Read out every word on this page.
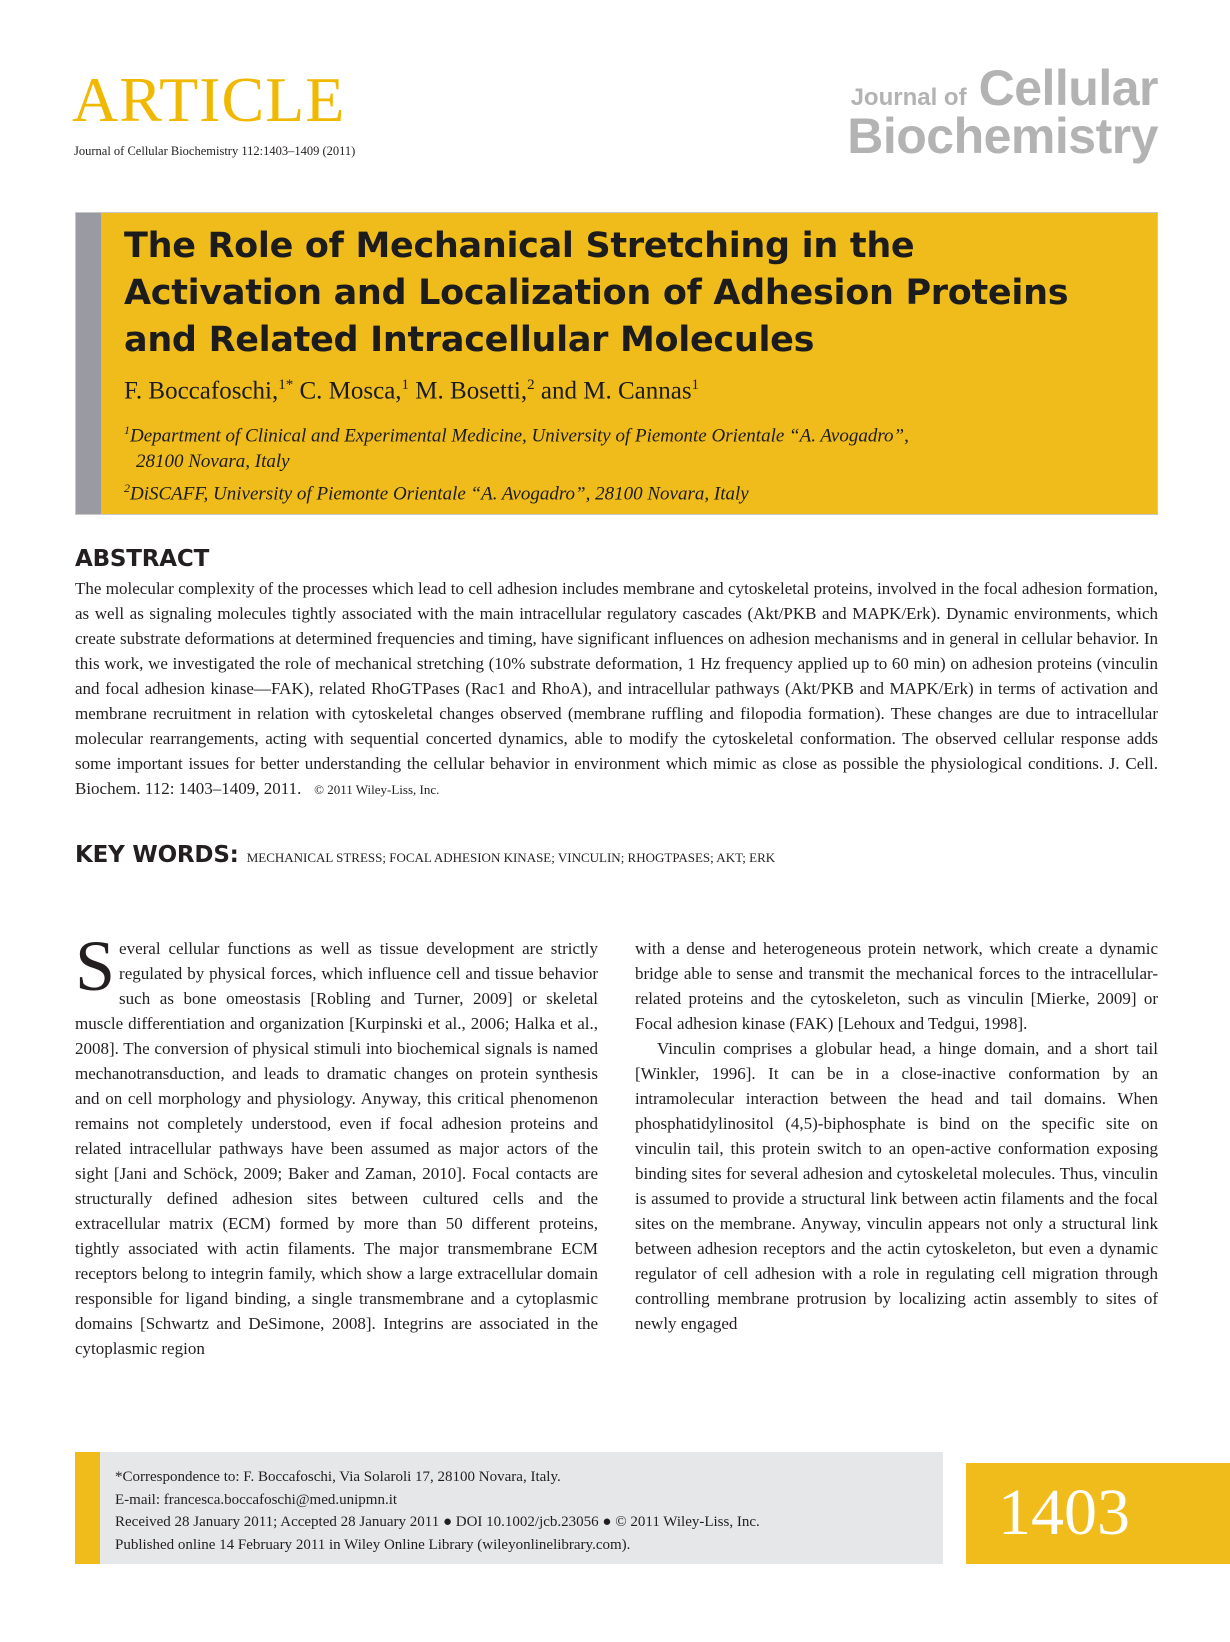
ARTICLE
Journal of Cellular Biochemistry 112:1403–1409 (2011)
Journal of Cellular
Biochemistry
The Role of Mechanical Stretching in the Activation and Localization of Adhesion Proteins and Related Intracellular Molecules
F. Boccafoschi,$^{1*}$ C. Mosca,$^1$ M. Bosetti,$^2$ and M. Cannas$^1$
$^1$Department of Clinical and Experimental Medicine, University of Piemonte Orientale “A. Avogadro”,
28100 Novara, Italy
$^2$DiSCAFF, University of Piemonte Orientale “A. Avogadro”, 28100 Novara, Italy
ABSTRACT

The molecular complexity of the processes which lead to cell adhesion includes membrane and cytoskeletal proteins, involved in the focal adhesion formation, as well as signaling molecules tightly associated with the main intracellular regulatory cascades (Akt/PKB and MAPK/Erk). Dynamic environments, which create substrate deformations at determined frequencies and timing, have significant influences on adhesion mechanisms and in general in cellular behavior. In this work, we investigated the role of mechanical stretching (10% substrate deformation, 1 Hz frequency applied up to 60 min) on adhesion proteins (vinculin and focal adhesion kinase—FAK), related RhoGTPases (Rac1 and RhoA), and intracellular pathways (Akt/PKB and MAPK/Erk) in terms of activation and membrane recruitment in relation with cytoskeletal changes observed (membrane ruffling and filopodia formation). These changes are due to intracellular molecular rearrangements, acting with sequential concerted dynamics, able to modify the cytoskeletal conformation. The observed cellular response adds some important issues for better understanding the cellular behavior in environment which mimic as close as possible the physiological conditions. J. Cell. Biochem. 112: 1403–1409, 2011. © 2011 Wiley-Liss, Inc.

KEY WORDS: MECHANICAL STRESS; FOCAL ADHESION KINASE; VINCULIN; RHOGTPASES; AKT; ERK

Several cellular functions as well as tissue development are strictly regulated by physical forces, which influence cell and tissue behavior such as bone omeostasis [Robling and Turner, 2009] or skeletal muscle differentiation and organization [Kurpinski et al., 2006; Halka et al., 2008]. The conversion of physical stimuli into biochemical signals is named mechanotransduction, and leads to dramatic changes on protein synthesis and on cell morphology and physiology. Anyway, this critical phenomenon remains not completely understood, even if focal adhesion proteins and related intracellular pathways have been assumed as major actors of the sight [Jani and Schöck, 2009; Baker and Zaman, 2010]. Focal contacts are structurally defined adhesion sites between cultured cells and the extracellular matrix (ECM) formed by more than 50 different proteins, tightly associated with actin filaments. The major transmembrane ECM receptors belong to integrin family, which show a large extracellular domain responsible for ligand binding, a single transmembrane and a cytoplasmic domains [Schwartz and DeSimone, 2008]. Integrins are associated in the cytoplasmic region

with a dense and heterogeneous protein network, which create a dynamic bridge able to sense and transmit the mechanical forces to the intracellular-related proteins and the cytoskeleton, such as vinculin [Mierke, 2009] or Focal adhesion kinase (FAK) [Lehoux and Tedgui, 1998].

Vinculin comprises a globular head, a hinge domain, and a short tail [Winkler, 1996]. It can be in a close-inactive conformation by an intramolecular interaction between the head and tail domains. When phosphatidylinositol (4,5)-biphosphate is bind on the specific site on vinculin tail, this protein switch to an open-active conformation exposing binding sites for several adhesion and cytoskeletal molecules. Thus, vinculin is assumed to provide a structural link between actin filaments and the focal sites on the membrane. Anyway, vinculin appears not only a structural link between adhesion receptors and the actin cytoskeleton, but even a dynamic regulator of cell adhesion with a role in regulating cell migration through controlling membrane protrusion by localizing actin assembly to sites of newly engaged

*Correspondence to: F. Boccafoschi, Via Solaroli 17, 28100 Novara, Italy.
E-mail: francesca.boccafoschi@med.unipmn.it
Received 28 January 2011; Accepted 28 January 2011 ● DOI 10.1002/jcb.23056 ● © 2011 Wiley-Liss, Inc.
Published online 14 February 2011 in Wiley Online Library (wileyonlinelibrary.com).	1403
